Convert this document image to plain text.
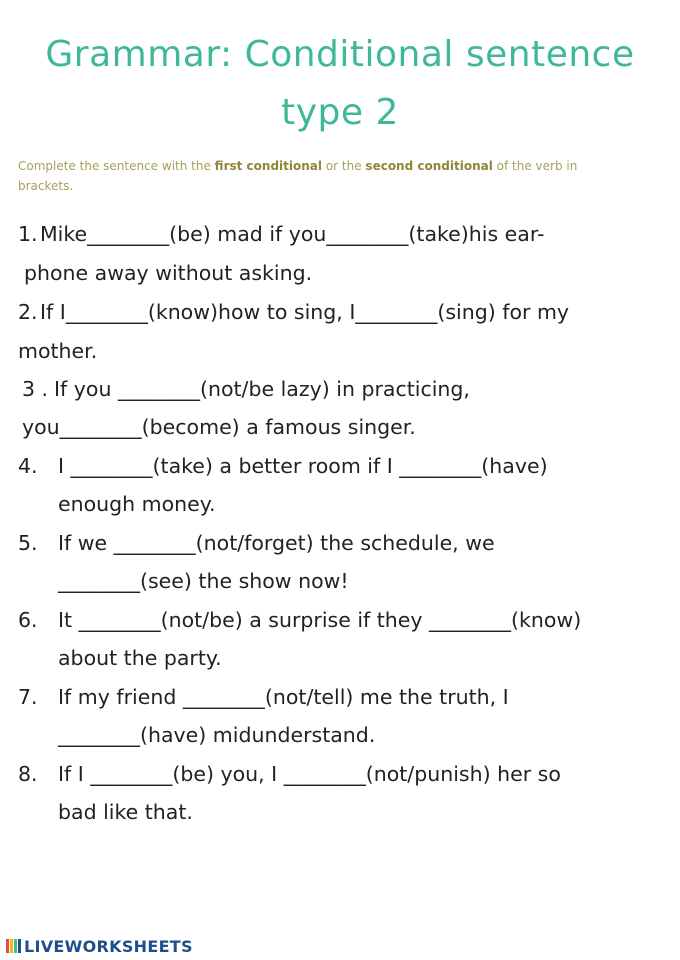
Grammar: Conditional sentence
type 2
Complete the sentence with the first conditional or the second conditional of the verb in
brackets.
1. Mike________(be) mad if you________(take)his ear-
phone away without asking.
2. If I________(know)how to sing, I________(sing) for my
mother.
3 . If you ________(not/be lazy) in practicing,
you________(become) a famous singer.
4. I ________(take) a better room if I ________(have)
enough money.
5. If we ________(not/forget) the schedule, we
________(see) the show now!
6. It ________(not/be) a surprise if they ________(know)
about the party.
7. If my friend ________(not/tell) me the truth, I
________(have) midunderstand.
8. If I ________(be) you, I ________(not/punish) her so
bad like that.
LIVEWORKSHEETS
